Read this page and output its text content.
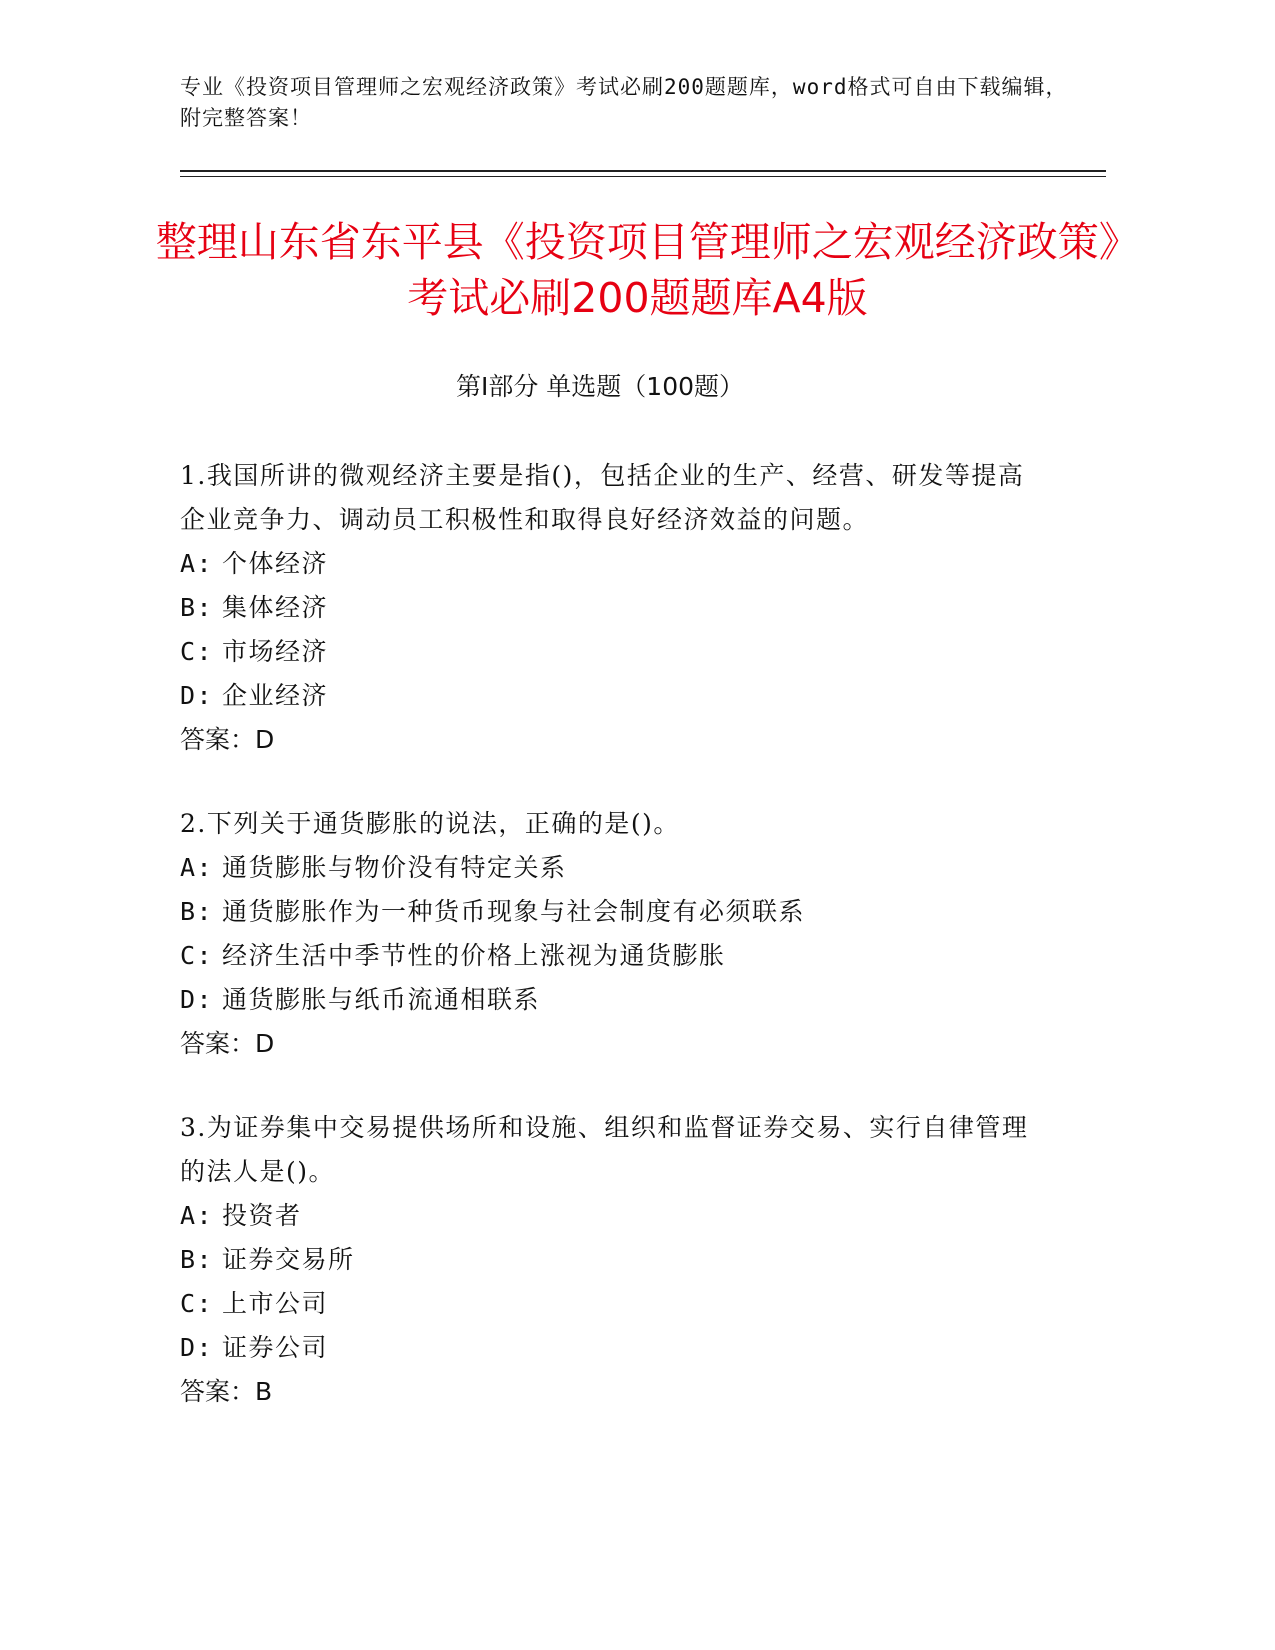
专业《投资项目管理师之宏观经济政策》考试必刷200题题库，word格式可自由下载编辑，附完整答案！
整理山东省东平县《投资项目管理师之宏观经济政策》考试必刷200题题库A4版
第Ⅰ部分 单选题（100题）
1.我国所讲的微观经济主要是指()，包括企业的生产、经营、研发等提高企业竞争力、调动员工积极性和取得良好经济效益的问题。
A: 个体经济
B: 集体经济
C: 市场经济
D: 企业经济
答案：D
2.下列关于通货膨胀的说法，正确的是()。
A: 通货膨胀与物价没有特定关系
B: 通货膨胀作为一种货币现象与社会制度有必须联系
C: 经济生活中季节性的价格上涨视为通货膨胀
D: 通货膨胀与纸币流通相联系
答案：D
3.为证券集中交易提供场所和设施、组织和监督证券交易、实行自律管理的法人是()。
A: 投资者
B: 证券交易所
C: 上市公司
D: 证券公司
答案：B
